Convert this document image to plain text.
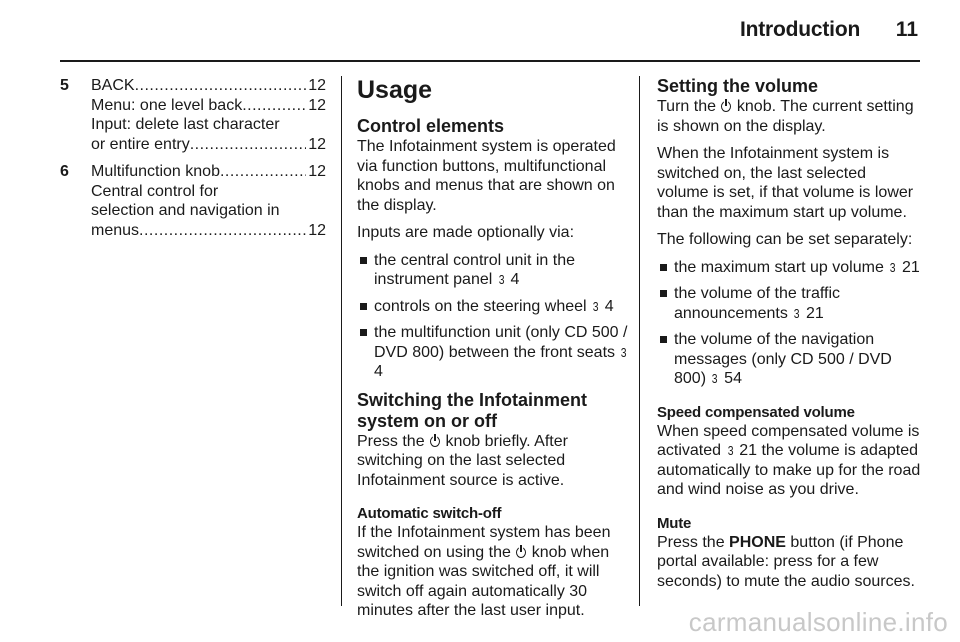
Introduction 11
5 BACK .....	12
Menu: one level back .....	12
Input: delete last character
or entire entry .....	12
6 Multifunction knob .....	12
Central control for
selection and navigation in
menus .....	12
Usage
Control elements

The Infotainment system is operated via function buttons, multifunctional knobs and menus that are shown on the display.

Inputs are made optionally via:

the central control unit in the instrument panel 3 4
controls on the steering wheel 3 4
the multifunction unit (only CD 500 / DVD 800) between the front seats 3 4
Switching the Infotainment system on or off

Press the knob briefly. After switching on the last selected Infotainment source is active.

Automatic switch-off

If the Infotainment system has been switched on using the knob when the ignition was switched off, it will switch off again automatically 30 minutes after the last user input.

Setting the volume

Turn the knob. The current setting is shown on the display.

When the Infotainment system is switched on, the last selected volume is set, if that volume is lower than the maximum start up volume.

The following can be set separately:

the maximum start up volume 3 21
the volume of the traffic announcements 3 21
the volume of the navigation messages (only CD 500 / DVD 800) 3 54
Speed compensated volume

When speed compensated volume is activated 3 21 the volume is adapted automatically to make up for the road and wind noise as you drive.

Mute

Press the PHONE button (if Phone portal available: press for a few seconds) to mute the audio sources.

carmanualsonline.info
